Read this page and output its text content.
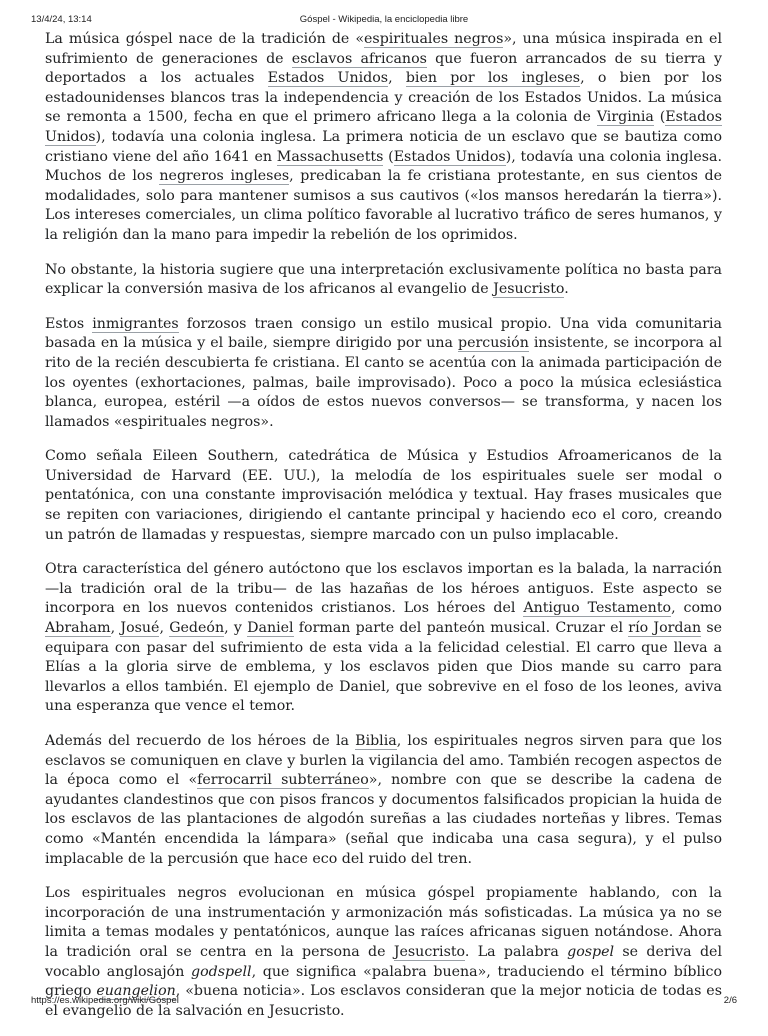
13/4/24, 13:14	Góspel - Wikipedia, la enciclopedia libre

La música góspel nace de la tradición de «espirituales negros», una música inspirada en el sufrimiento de generaciones de esclavos africanos que fueron arrancados de su tierra y deportados a los actuales Estados Unidos, bien por los ingleses, o bien por los estadounidenses blancos tras la independencia y creación de los Estados Unidos. La música se remonta a 1500, fecha en que el primero africano llega a la colonia de Virginia (Estados Unidos), todavía una colonia inglesa. La primera noticia de un esclavo que se bautiza como cristiano viene del año 1641 en Massachusetts (Estados Unidos), todavía una colonia inglesa. Muchos de los negreros ingleses, predicaban la fe cristiana protestante, en sus cientos de modalidades, solo para mantener sumisos a sus cautivos («los mansos heredarán la tierra»). Los intereses comerciales, un clima político favorable al lucrativo tráfico de seres humanos, y la religión dan la mano para impedir la rebelión de los oprimidos.

No obstante, la historia sugiere que una interpretación exclusivamente política no basta para explicar la conversión masiva de los africanos al evangelio de Jesucristo.

Estos inmigrantes forzosos traen consigo un estilo musical propio. Una vida comunitaria basada en la música y el baile, siempre dirigido por una percusión insistente, se incorpora al rito de la recién descubierta fe cristiana. El canto se acentúa con la animada participación de los oyentes (exhortaciones, palmas, baile improvisado). Poco a poco la música eclesiástica blanca, europea, estéril —a oídos de estos nuevos conversos— se transforma, y nacen los llamados «espirituales negros».

Como señala Eileen Southern, catedrática de Música y Estudios Afroamericanos de la Universidad de Harvard (EE. UU.), la melodía de los espirituales suele ser modal o pentatónica, con una constante improvisación melódica y textual. Hay frases musicales que se repiten con variaciones, dirigiendo el cantante principal y haciendo eco el coro, creando un patrón de llamadas y respuestas, siempre marcado con un pulso implacable.

Otra característica del género autóctono que los esclavos importan es la balada, la narración —la tradición oral de la tribu— de las hazañas de los héroes antiguos. Este aspecto se incorpora en los nuevos contenidos cristianos. Los héroes del Antiguo Testamento, como Abraham, Josué, Gedeón, y Daniel forman parte del panteón musical. Cruzar el río Jordan se equipara con pasar del sufrimiento de esta vida a la felicidad celestial. El carro que lleva a Elías a la gloria sirve de emblema, y los esclavos piden que Dios mande su carro para llevarlos a ellos también. El ejemplo de Daniel, que sobrevive en el foso de los leones, aviva una esperanza que vence el temor.

Además del recuerdo de los héroes de la Biblia, los espirituales negros sirven para que los esclavos se comuniquen en clave y burlen la vigilancia del amo. También recogen aspectos de la época como el «ferrocarril subterráneo», nombre con que se describe la cadena de ayudantes clandestinos que con pisos francos y documentos falsificados propician la huida de los esclavos de las plantaciones de algodón sureñas a las ciudades norteñas y libres. Temas como «Mantén encendida la lámpara» (señal que indicaba una casa segura), y el pulso implacable de la percusión que hace eco del ruido del tren.

Los espirituales negros evolucionan en música góspel propiamente hablando, con la incorporación de una instrumentación y armonización más sofisticadas. La música ya no se limita a temas modales y pentatónicos, aunque las raíces africanas siguen notándose. Ahora la tradición oral se centra en la persona de Jesucristo. La palabra gospel se deriva del vocablo anglosajón godspell, que significa «palabra buena», traduciendo el término bíblico griego euangelion, «buena noticia». Los esclavos consideran que la mejor noticia de todas es el evangelio de la salvación en Jesucristo.

https://es.wikipedia.org/wiki/Góspel	2/6
